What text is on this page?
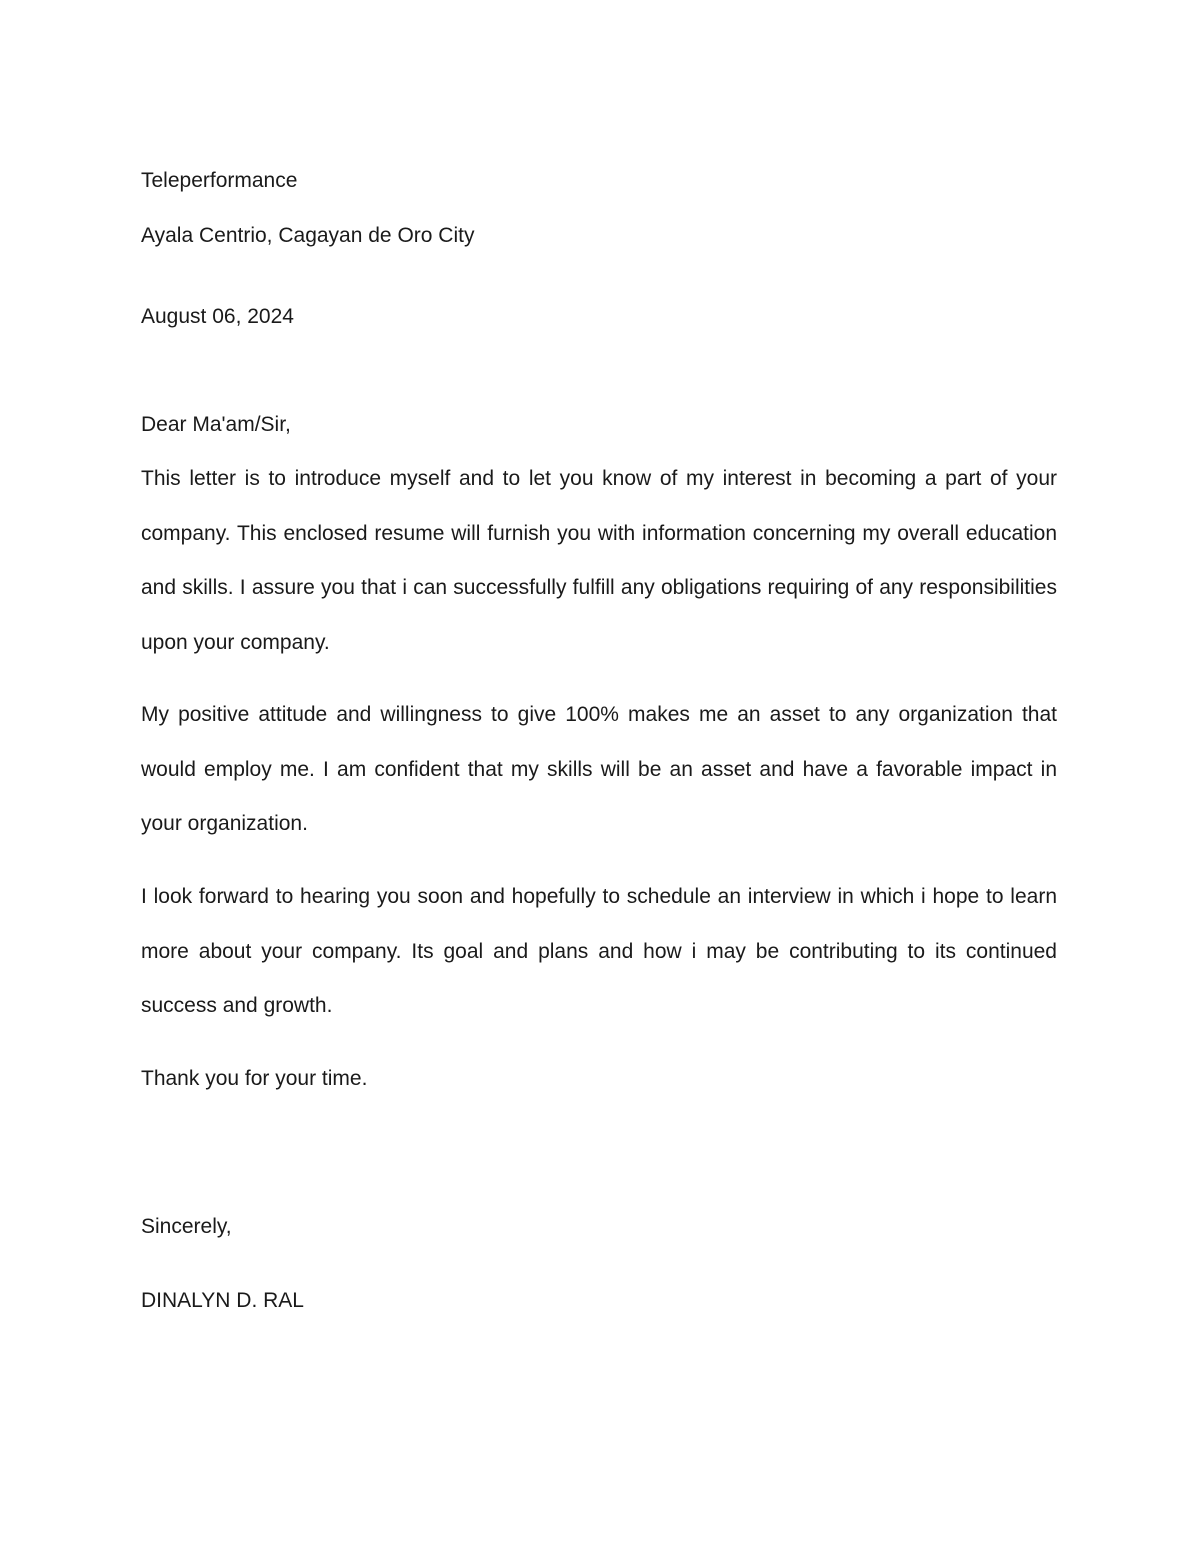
Teleperformance

Ayala Centrio, Cagayan de Oro City

August 06, 2024

Dear Ma'am/Sir,

This letter is to introduce myself and to let you know of my interest in becoming a part of your company. This enclosed resume will furnish you with information concerning my overall education and skills. I assure you that i can successfully fulfill any obligations requiring of any responsibilities upon your company.

My positive attitude and willingness to give 100% makes me an asset to any organization that would employ me. I am confident that my skills will be an asset and have a favorable impact in your organization.

I look forward to hearing you soon and hopefully to schedule an interview in which i hope to learn more about your company. Its goal and plans and how i may be contributing to its continued success and growth.

Thank you for your time.

Sincerely,

DINALYN D. RAL
